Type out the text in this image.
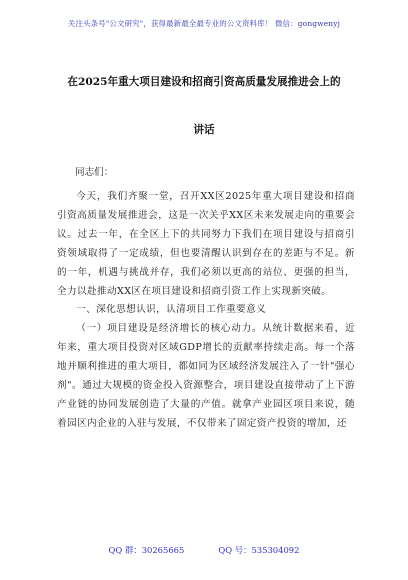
关注头条号"公文研究"，获得最新最全最专业的公文资料库！ 微信：gongwenyj
在2025年重大项目建设和招商引资高质量发展推进会上的
讲话
同志们：

今天，我们齐聚一堂，召开XX区2025年重大项目建设和招商引资高质量发展推进会，这是一次关乎XX区未来发展走向的重要会议。过去一年，在全区上下的共同努力下我们在项目建设与招商引资领域取得了一定成绩，但也要清醒认识到存在的差距与不足。新的一年，机遇与挑战并存，我们必须以更高的站位、更强的担当，全力以赴推动XX区在项目建设和招商引资工作上实现新突破。

一、深化思想认识，认清项目工作重要意义

（一）项目建设是经济增长的核心动力。从统计数据来看，近年来，重大项目投资对区域GDP增长的贡献率持续走高。每一个落地并顺利推进的重大项目，都如同为区域经济发展注入了一针"强心剂"。通过大规模的资金投入资源整合，项目建设直接带动了上下游产业链的协同发展创造了大量的产值。就拿产业园区项目来说，随着园区内企业的入驻与发展，不仅带来了固定资产投资的增加，还

QQ 群：30265665	QQ 号：535304092
